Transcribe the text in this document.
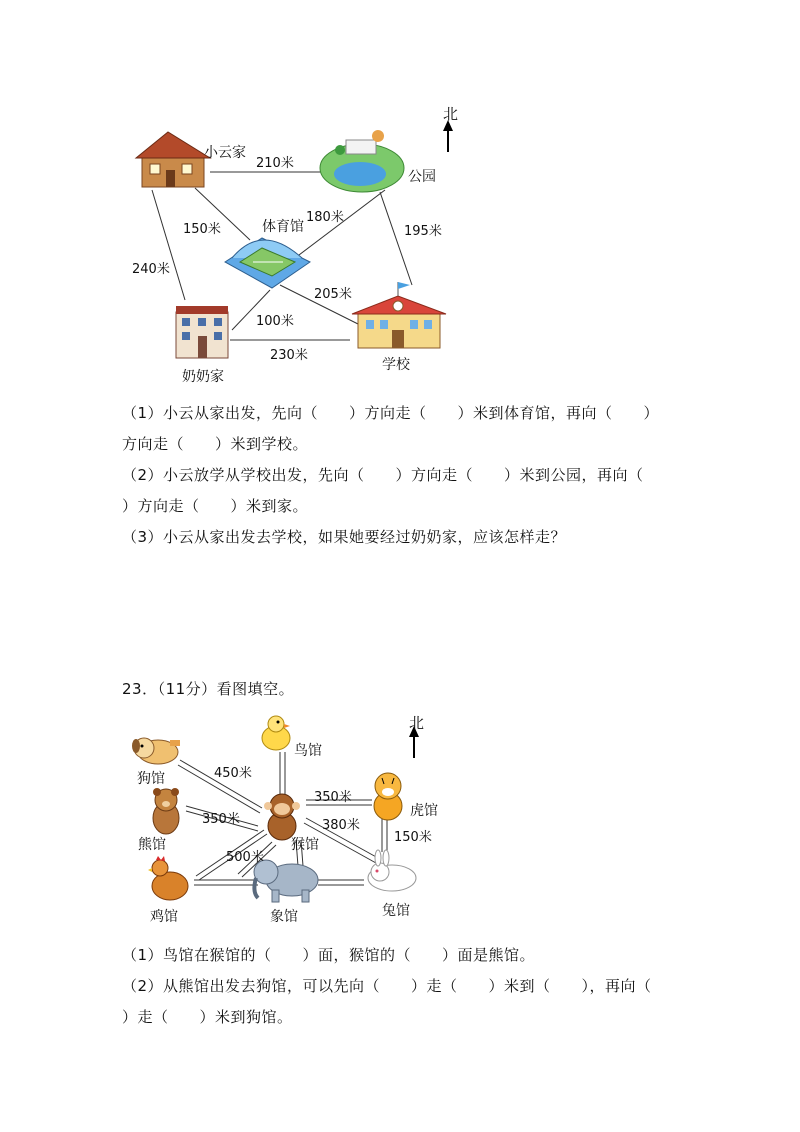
北
小云家
公园
体育馆
奶奶家
学校
210米
180米
150米	195米
240米
205米
100米
230米
（1）小云从家出发，先向（　　）方向走（　　）米到体育馆，再向（　　）
方向走（　　）米到学校。
（2）小云放学从学校出发，先向（　　）方向走（　　）米到公园，再向（
）方向走（　　）米到家。
（3）小云从家出发去学校，如果她要经过奶奶家，应该怎样走？
23．（11分）看图填空。
北
狗馆
鸟馆
熊馆	猴馆
虎馆
鸡馆	象馆	兔馆
450米
350米
350米
380米
150米
500米
（1）鸟馆在猴馆的（　　）面，猴馆的（　　）面是熊馆。
（2）从熊馆出发去狗馆，可以先向（　　）走（　　）米到（　　），再向（
）走（　　）米到狗馆。
